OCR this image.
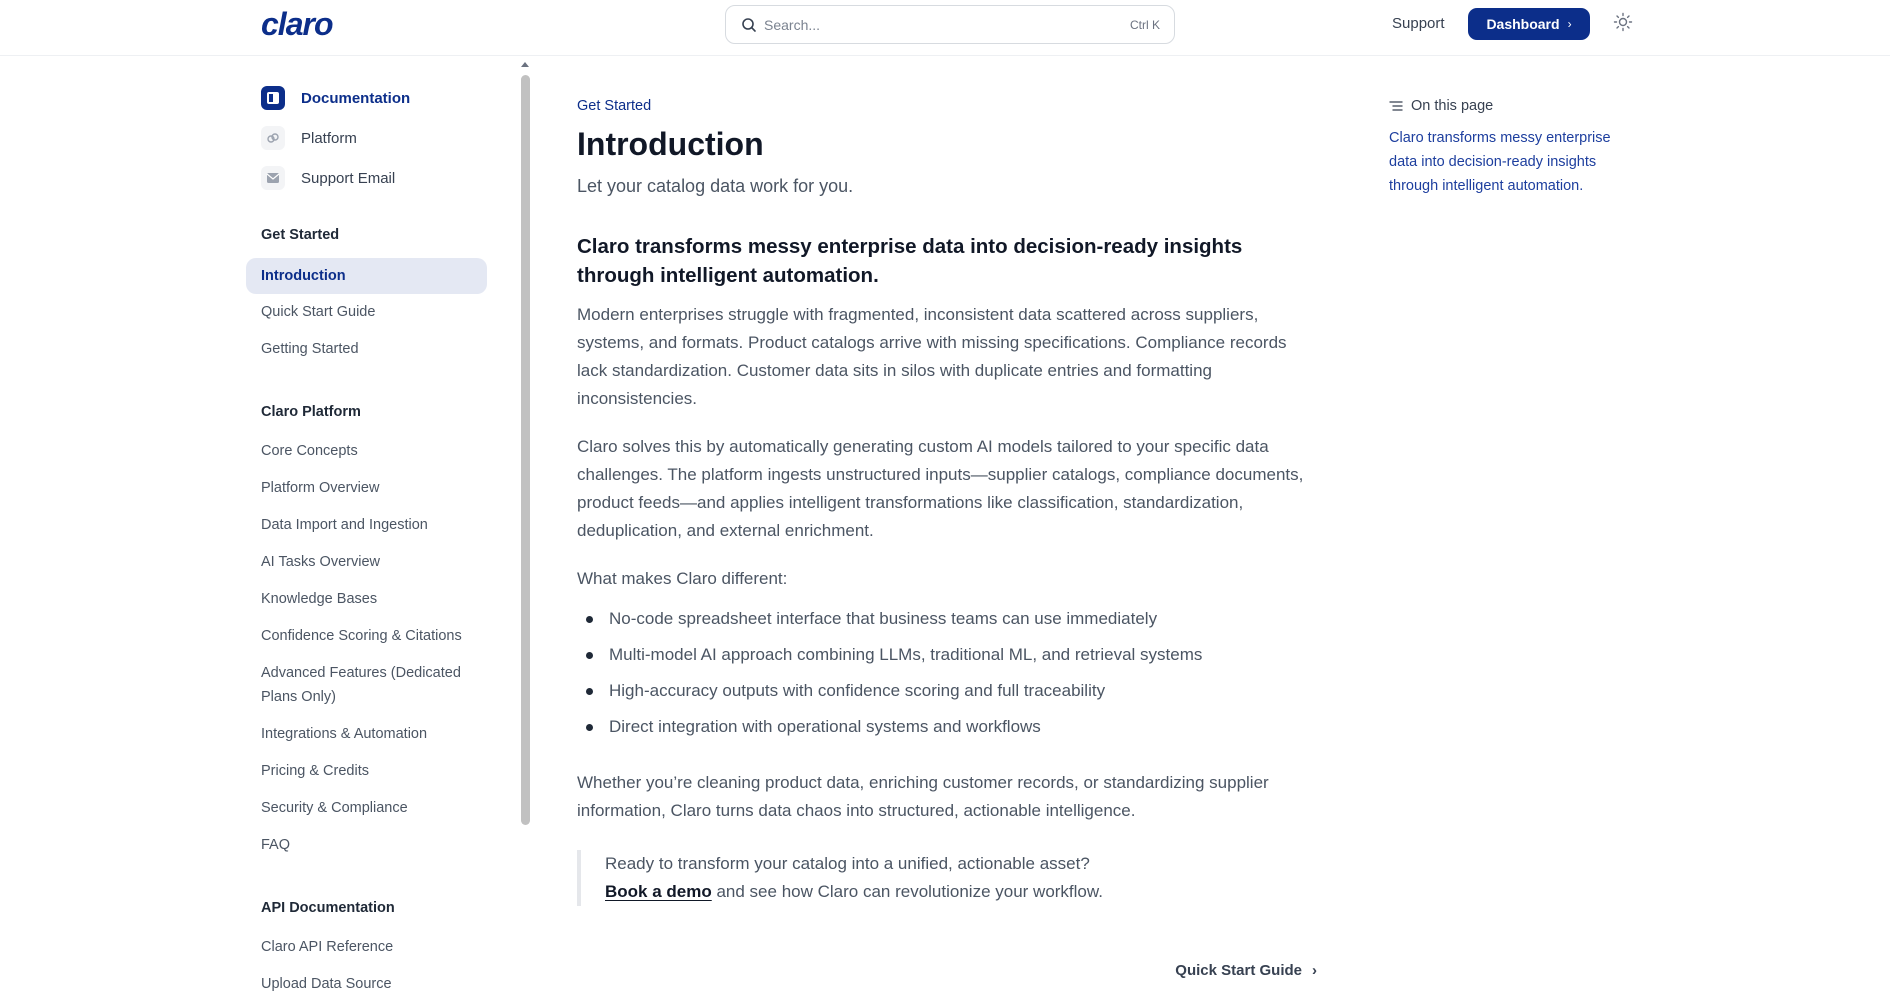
claro	Search...	Ctrl K	Support	Dashboard ›
Documentation
Platform
Support Email
Get Started
Introduction
Quick Start Guide
Getting Started
Claro Platform
Core Concepts
Platform Overview
Data Import and Ingestion
AI Tasks Overview
Knowledge Bases
Confidence Scoring & Citations
Advanced Features (Dedicated Plans Only)
Integrations & Automation
Pricing & Credits
Security & Compliance
FAQ
API Documentation
Claro API Reference
Upload Data Source
Get Started
Introduction
Let your catalog data work for you.
Claro transforms messy enterprise data into decision-ready insights through intelligent automation.

Modern enterprises struggle with fragmented, inconsistent data scattered across suppliers, systems, and formats. Product catalogs arrive with missing specifications. Compliance records lack standardization. Customer data sits in silos with duplicate entries and formatting inconsistencies.

Claro solves this by automatically generating custom AI models tailored to your specific data challenges. The platform ingests unstructured inputs—supplier catalogs, compliance documents, product feeds—and applies intelligent transformations like classification, standardization, deduplication, and external enrichment.

What makes Claro different:

No-code spreadsheet interface that business teams can use immediately
Multi-model AI approach combining LLMs, traditional ML, and retrieval systems
High-accuracy outputs with confidence scoring and full traceability
Direct integration with operational systems and workflows

Whether you’re cleaning product data, enriching customer records, or standardizing supplier information, Claro turns data chaos into structured, actionable intelligence.

Ready to transform your catalog into a unified, actionable asset?
Book a demo and see how Claro can revolutionize your workflow.

Quick Start Guide ›
On this page
Claro transforms messy enterprise data into decision-ready insights through intelligent automation.
